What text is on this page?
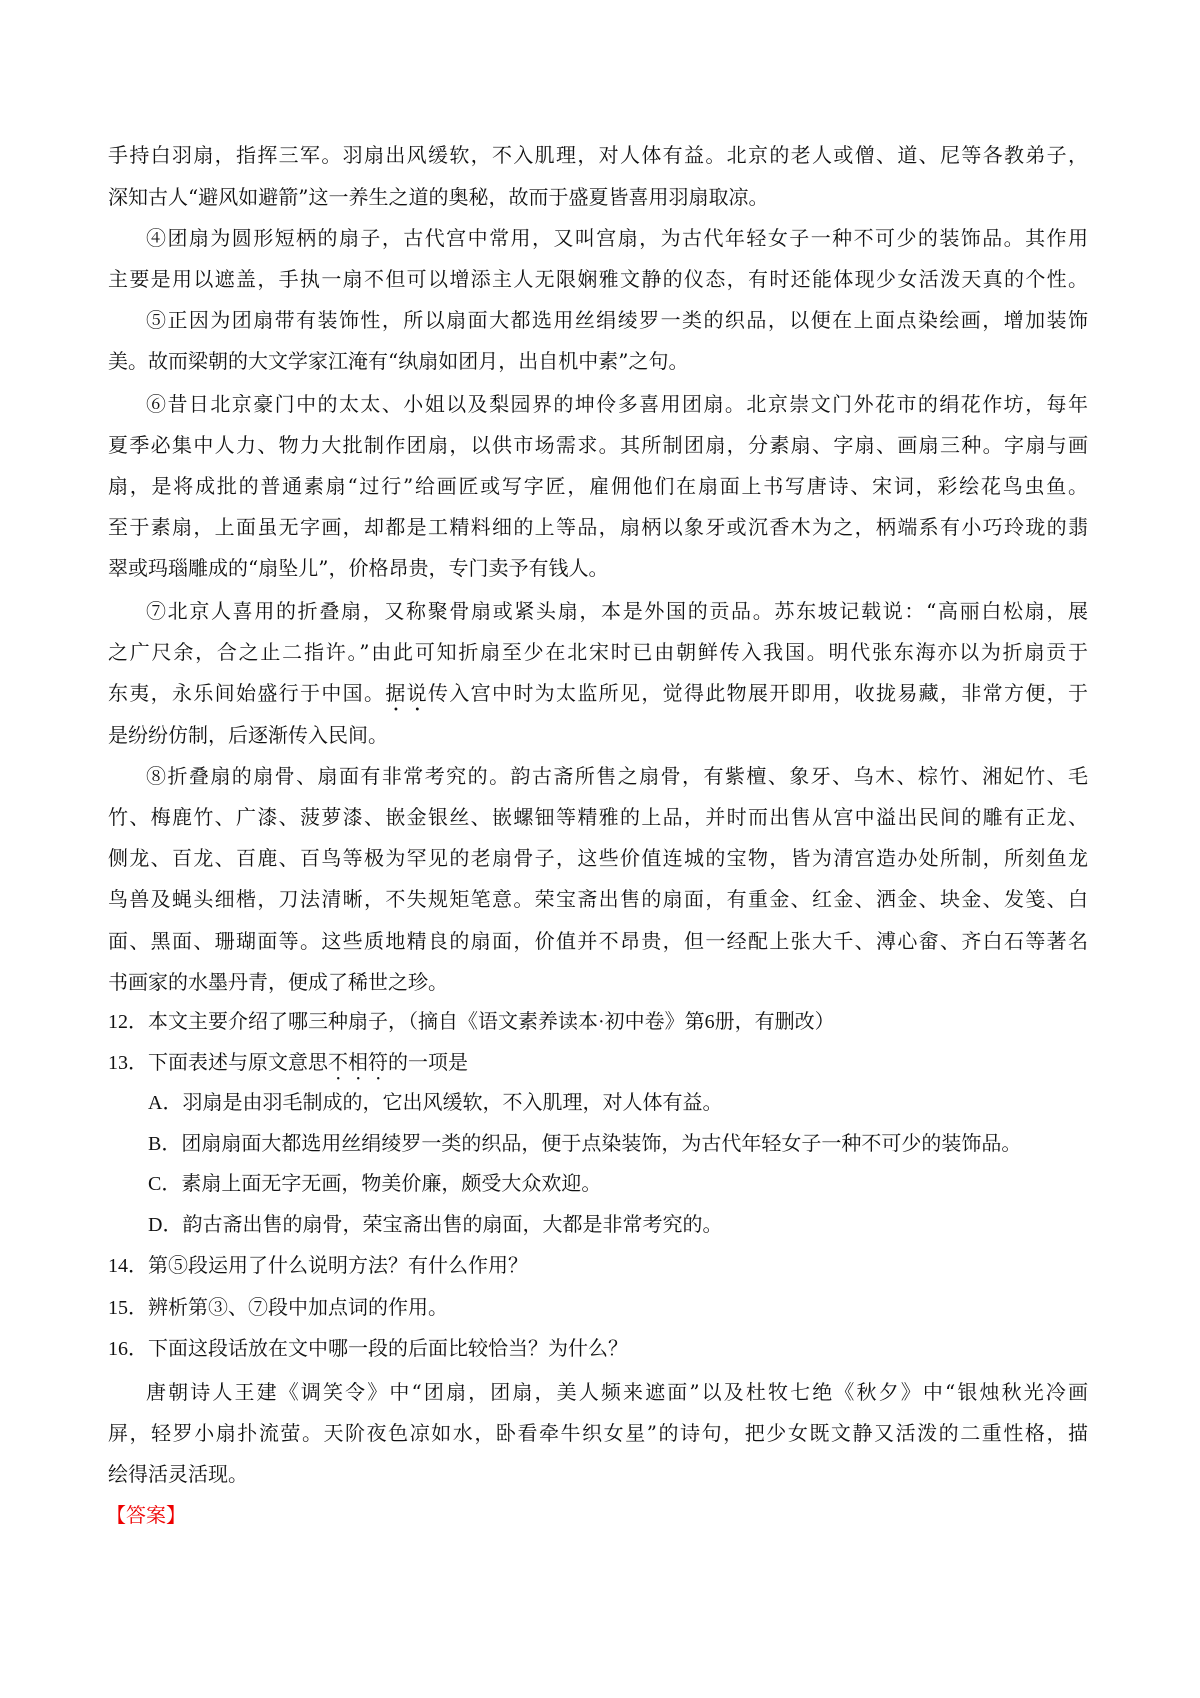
手持白羽扇，指挥三军。羽扇出风缓软，不入肌理，对人体有益。北京的老人或僧、道、尼等各教弟子，
深知古人“避风如避箭”这一养生之道的奥秘，故而于盛夏皆喜用羽扇取凉。
④团扇为圆形短柄的扇子，古代宫中常用，又叫宫扇，为古代年轻女子一种不可少的装饰品。其作用
主要是用以遮盖，手执一扇不但可以增添主人无限娴雅文静的仪态，有时还能体现少女活泼天真的个性。
⑤正因为团扇带有装饰性，所以扇面大都选用丝绢绫罗一类的织品，以便在上面点染绘画，增加装饰
美。故而梁朝的大文学家江淹有“纨扇如团月，出自机中素”之句。
⑥昔日北京豪门中的太太、小姐以及梨园界的坤伶多喜用团扇。北京崇文门外花市的绢花作坊，每年
夏季必集中人力、物力大批制作团扇，以供市场需求。其所制团扇，分素扇、字扇、画扇三种。字扇与画
扇，是将成批的普通素扇“过行”给画匠或写字匠，雇佣他们在扇面上书写唐诗、宋词，彩绘花鸟虫鱼。
至于素扇，上面虽无字画，却都是工精料细的上等品，扇柄以象牙或沉香木为之，柄端系有小巧玲珑的翡
翠或玛瑙雕成的“扇坠儿”，价格昂贵，专门卖予有钱人。
⑦北京人喜用的折叠扇，又称聚骨扇或紧头扇，本是外国的贡品。苏东坡记载说：“高丽白松扇，展
之广尺余，合之止二指许。”由此可知折扇至少在北宋时已由朝鲜传入我国。明代张东海亦以为折扇贡于
东夷，永乐间始盛行于中国。据说传入宫中时为太监所见，觉得此物展开即用，收拢易藏，非常方便，于
是纷纷仿制，后逐渐传入民间。
⑧折叠扇的扇骨、扇面有非常考究的。韵古斋所售之扇骨，有紫檀、象牙、乌木、棕竹、湘妃竹、毛
竹、梅鹿竹、广漆、菠萝漆、嵌金银丝、嵌螺钿等精雅的上品，并时而出售从宫中溢出民间的雕有正龙、
侧龙、百龙、百鹿、百鸟等极为罕见的老扇骨子，这些价值连城的宝物，皆为清宫造办处所制，所刻鱼龙
鸟兽及蝇头细楷，刀法清晰，不失规矩笔意。荣宝斋出售的扇面，有重金、红金、洒金、块金、发笺、白
面、黑面、珊瑚面等。这些质地精良的扇面，价值并不昂贵，但一经配上张大千、溥心畲、齐白石等著名
书画家的水墨丹青，便成了稀世之珍。
12．本文主要介绍了哪三种扇子，（摘自《语文素养读本·初中卷》第6册，有删改）
13．下面表述与原文意思不相符的一项是
A．羽扇是由羽毛制成的，它出风缓软，不入肌理，对人体有益。
B．团扇扇面大都选用丝绢绫罗一类的织品，便于点染装饰，为古代年轻女子一种不可少的装饰品。
C．素扇上面无字无画，物美价廉，颇受大众欢迎。
D．韵古斋出售的扇骨，荣宝斋出售的扇面，大都是非常考究的。
14．第⑤段运用了什么说明方法？有什么作用？
15．辨析第③、⑦段中加点词的作用。
16．下面这段话放在文中哪一段的后面比较恰当？为什么？
唐朝诗人王建《调笑令》中“团扇，团扇，美人频来遮面”以及杜牧七绝《秋夕》中“银烛秋光冷画
屏，轻罗小扇扑流萤。天阶夜色凉如水，卧看牵牛织女星”的诗句，把少女既文静又活泼的二重性格，描
绘得活灵活现。
【答案】
